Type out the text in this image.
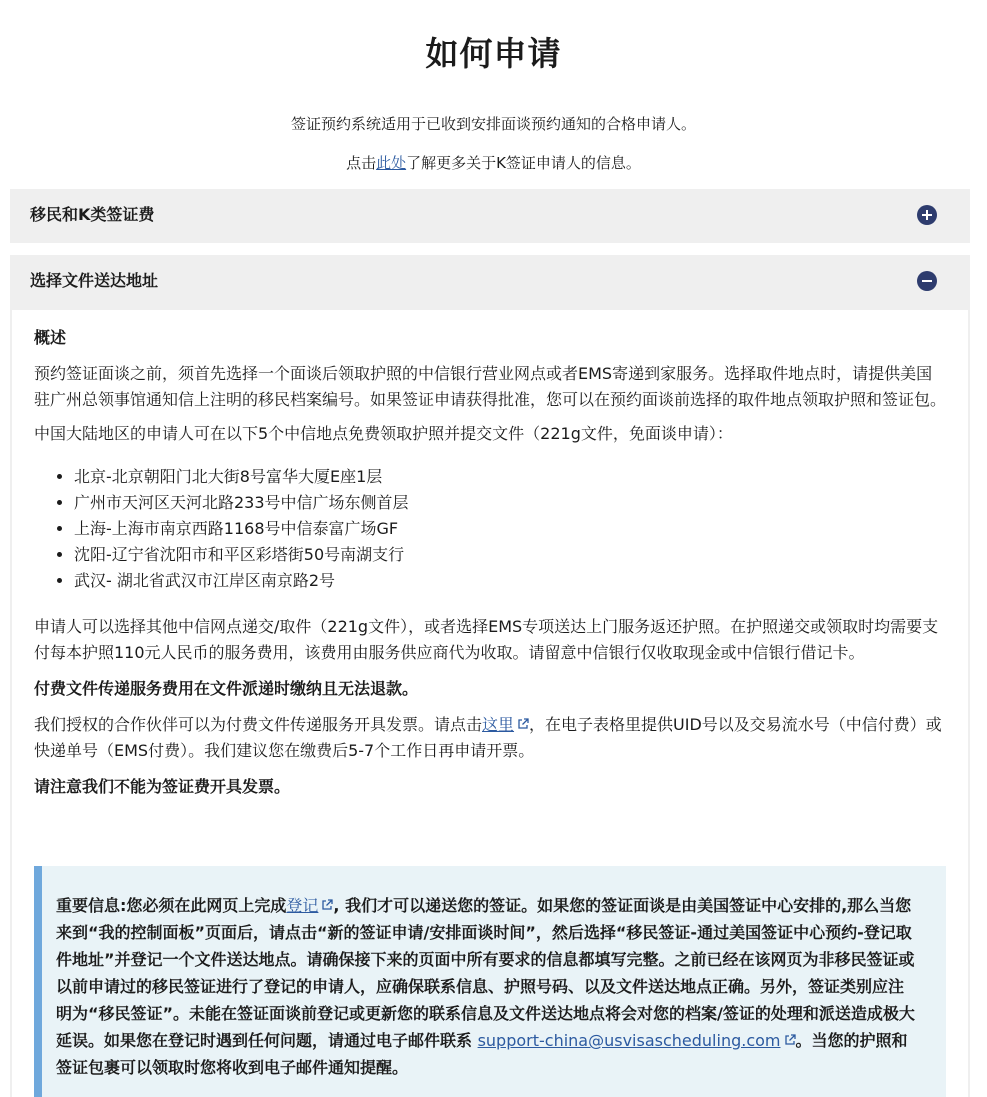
如何申请
签证预约系统适用于已收到安排面谈预约通知的合格申请人。
点击此处了解更多关于K签证申请人的信息。
移民和K类签证费
选择文件送达地址

概述

预约签证面谈之前，须首先选择一个面谈后领取护照的中信银行营业网点或者EMS寄递到家服务。选择取件地点时，请提供美国驻广州总领事馆通知信上注明的移民档案编号。如果签证申请获得批准，您可以在预约面谈前选择的取件地点领取护照和签证包。

中国大陆地区的申请人可在以下5个中信地点免费领取护照并提交文件（221g文件，免面谈申请）：

• 北京-北京朝阳门北大街8号富华大厦E座1层
• 广州市天河区天河北路233号中信广场东侧首层
• 上海-上海市南京西路1168号中信泰富广场GF
• 沈阳-辽宁省沈阳市和平区彩塔街50号南湖支行
• 武汉- 湖北省武汉市江岸区南京路2号

申请人可以选择其他中信网点递交/取件（221g文件），或者选择EMS专项送达上门服务返还护照。在护照递交或领取时均需要支付每本护照110元人民币的服务费用，该费用由服务供应商代为收取。请留意中信银行仅收取现金或中信银行借记卡。

付费文件传递服务费用在文件派递时缴纳且无法退款。

我们授权的合作伙伴可以为付费文件传递服务开具发票。请点击这里 ，在电子表格里提供UID号以及交易流水号（中信付费）或快递单号（EMS付费）。我们建议您在缴费后5-7个工作日再申请开票。

请注意我们不能为签证费开具发票。

重要信息:您必须在此网页上完成登记 , 我们才可以递送您的签证。如果您的签证面谈是由美国签证中心安排的,那么当您来到“我的控制面板”页面后，请点击“新的签证申请/安排面谈时间”，然后选择“移民签证-通过美国签证中心预约-登记取件地址”并登记一个文件送达地点。请确保接下来的页面中所有要求的信息都填写完整。之前已经在该网页为非移民签证或以前申请过的移民签证进行了登记的申请人，应确保联系信息、护照号码、以及文件送达地点正确。另外，签证类别应注明为“移民签证”。未能在签证面谈前登记或更新您的联系信息及文件送达地点将会对您的档案/签证的处理和派送造成极大延误。如果您在登记时遇到任何问题，请通过电子邮件联系 support-china@usvisascheduling.com 。当您的护照和签证包裹可以领取时您将收到电子邮件通知提醒。
